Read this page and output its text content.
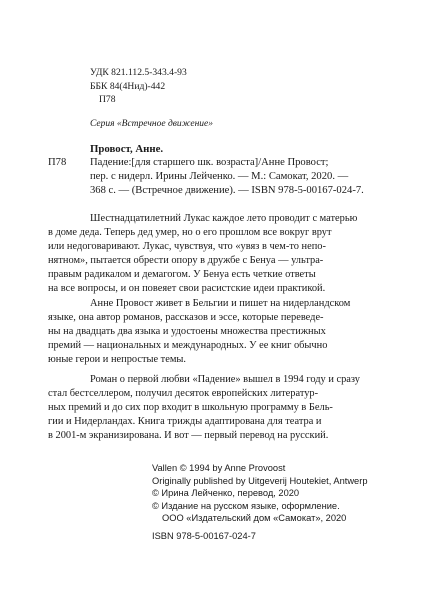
УДК 821.112.5-343.4-93
ББК 84(4Нид)-442
П78
Серия «Встречное движение»
Провост, Анне.
П78 Падение:[для старшего шк. возраста]/Анне Провост;
пер. с нидерл. Ирины Лейченко. — М.: Самокат, 2020. —
368 с. — (Встречное движение). — ISBN 978-5-00167-024-7.
Шестнадцатилетний Лукас каждое лето проводит с матерью
в доме деда. Теперь дед умер, но о его прошлом все вокруг врут
или недоговаривают. Лукас, чувствуя, что «увяз в чем-то непо-
нятном», пытается обрести опору в дружбе с Бенуа — ультра-
правым радикалом и демагогом. У Бенуа есть четкие ответы
на все вопросы, и он повеяет свои расистские идеи практикой.
Анне Провост живет в Бельгии и пишет на нидерландском
языке, она автор романов, рассказов и эссе, которые переведе-
ны на двадцать два языка и удостоены множества престижных
премий — национальных и международных. У ее книг обычно
юные герои и непростые темы.
Роман о первой любви «Падение» вышел в 1994 году и сразу
стал бестселлером, получил десяток европейских литератур-
ных премий и до сих пор входит в школьную программу в Бель-
гии и Нидерландах. Книга трижды адаптирована для театра и
в 2001-м экранизирована. И вот — первый перевод на русский.
Vallen © 1994 by Anne Provoost
Originally published by Uitgeverij Houtekiet, Antwerp
© Ирина Лейченко, перевод, 2020
© Издание на русском языке, оформление.
ООО «Издательский дом «Самокат», 2020
ISBN 978-5-00167-024-7
